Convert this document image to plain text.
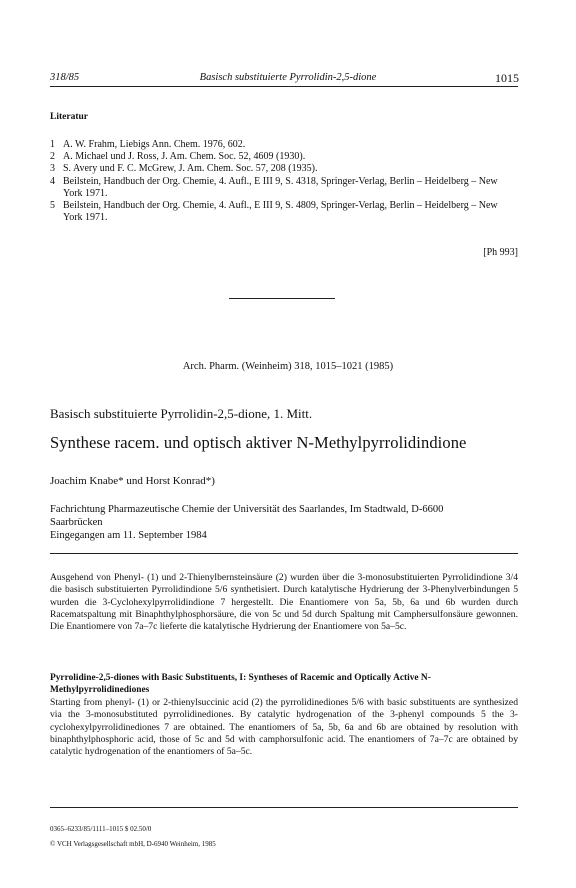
318/85	Basisch substituierte Pyrrolidin-2,5-dione	1015
Literatur
1 A. W. Frahm, Liebigs Ann. Chem. 1976, 602.
2 A. Michael und J. Ross, J. Am. Chem. Soc. 52, 4609 (1930).
3 S. Avery und F. C. McGrew, J. Am. Chem. Soc. 57, 208 (1935).
4 Beilstein, Handbuch der Org. Chemie, 4. Aufl., E III 9, S. 4318, Springer-Verlag, Berlin – Heidelberg – New York 1971.
5 Beilstein, Handbuch der Org. Chemie, 4. Aufl., E III 9, S. 4809, Springer-Verlag, Berlin – Heidelberg – New York 1971.
[Ph 993]
Arch. Pharm. (Weinheim) 318, 1015–1021 (1985)
Basisch substituierte Pyrrolidin-2,5-dione, 1. Mitt.
Synthese racem. und optisch aktiver N-Methylpyrrolidindione
Joachim Knabe* und Horst Konrad*)
Fachrichtung Pharmazeutische Chemie der Universität des Saarlandes, Im Stadtwald, D-6600
Saarbrücken
Eingegangen am 11. September 1984
Ausgehend von Phenyl- (1) und 2-Thienylbernsteinsäure (2) wurden über die 3-monosubstituierten Pyrrolidindione 3/4 die basisch substituierten Pyrrolidindione 5/6 synthetisiert. Durch katalytische Hydrierung der 3-Phenylverbindungen 5 wurden die 3-Cyclohexylpyrrolidindione 7 hergestellt. Die Enantiomere von 5a, 5b, 6a und 6b wurden durch Racematspaltung mit Binaphthylphosphorsäure, die von 5c und 5d durch Spaltung mit Camphersulfonsäure gewonnen. Die Enantiomere von 7a–7c lieferte die katalytische Hydrierung der Enantiomere von 5a–5c.
Pyrrolidine-2,5-diones with Basic Substituents, I: Syntheses of Racemic and Optically Active N-Methylpyrrolidinediones
Starting from phenyl- (1) or 2-thienylsuccinic acid (2) the pyrrolidinediones 5/6 with basic substituents are synthesized via the 3-monosubstituted pyrrolidinediones. By catalytic hydrogenation of the 3-phenyl compounds 5 the 3-cyclohexylpyrrolidinediones 7 are obtained. The enantiomers of 5a, 5b, 6a and 6b are obtained by resolution with binaphthylphosphoric acid, those of 5c and 5d with camphorsulfonic acid. The enantiomers of 7a–7c are obtained by catalytic hydrogenation of the enantiomers of 5a–5c.
0365–6233/85/1111–1015 $ 02.50/0
© VCH Verlagsgesellschaft mbH, D-6940 Weinheim, 1985
